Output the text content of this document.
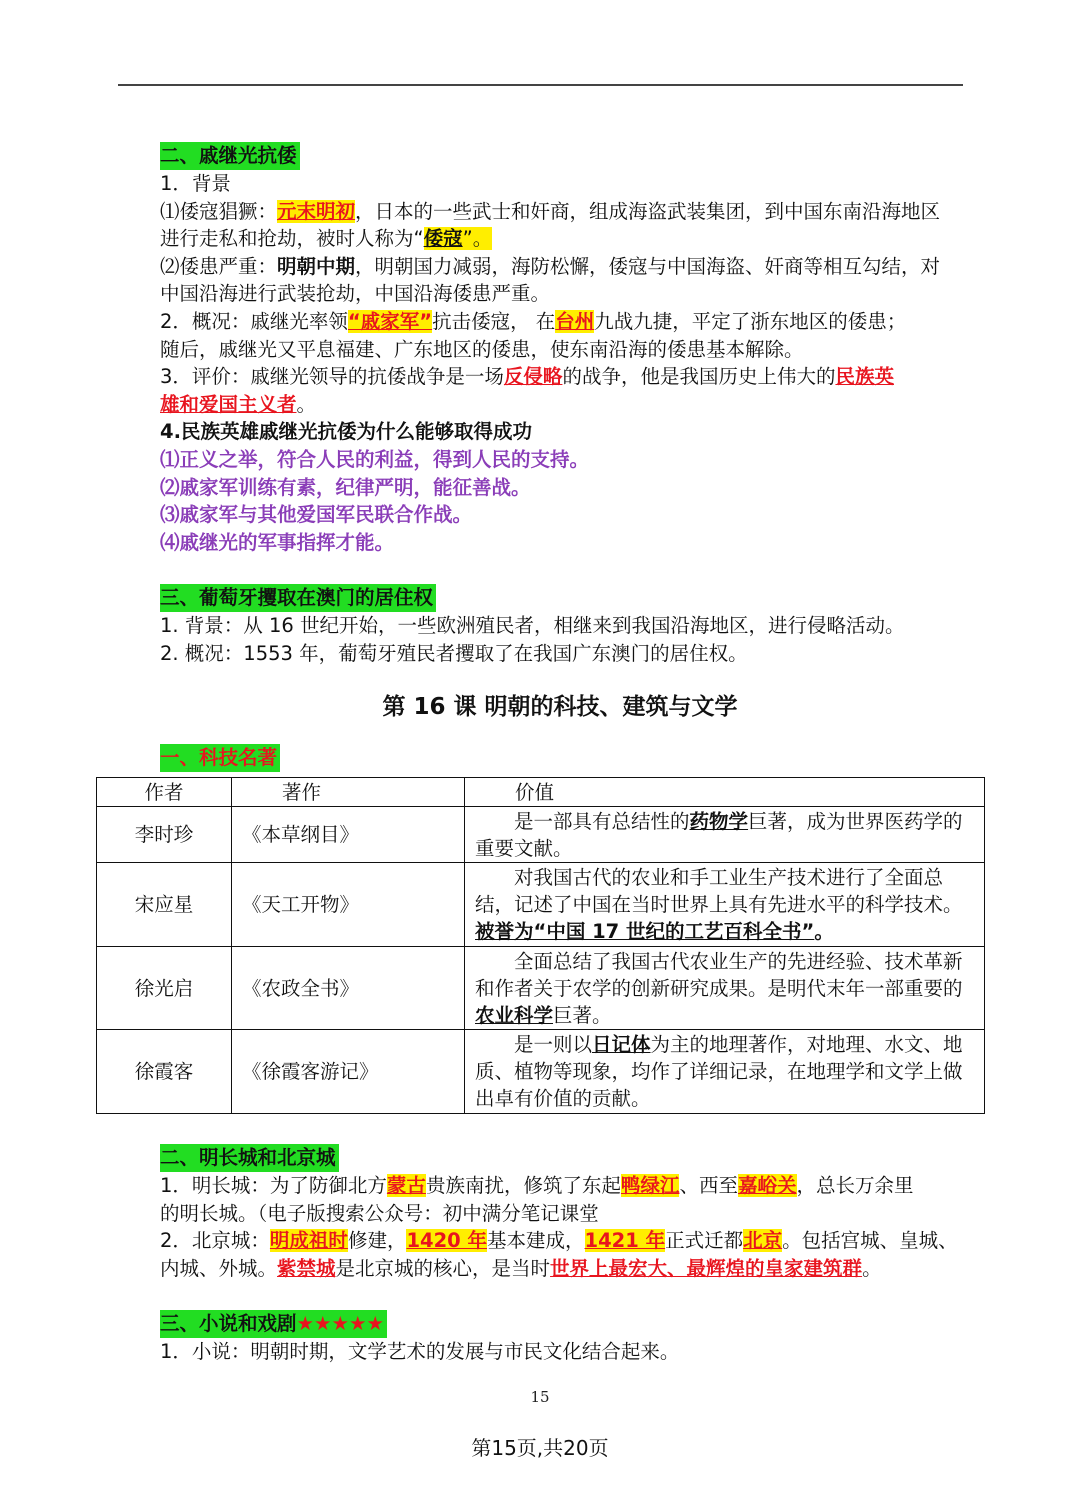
二、戚继光抗倭
1．背景
⑴倭寇猖獗：元末明初，日本的一些武士和奸商，组成海盗武装集团，到中国东南沿海地区
进行走私和抢劫，被时人称为“倭寇”。
⑵倭患严重：明朝中期，明朝国力减弱，海防松懈，倭寇与中国海盗、奸商等相互勾结，对
中国沿海进行武装抢劫，中国沿海倭患严重。
2．概况：戚继光率领“戚家军”抗击倭寇， 在台州九战九捷，平定了浙东地区的倭患；
随后，戚继光又平息福建、广东地区的倭患，使东南沿海的倭患基本解除。
3．评价：戚继光领导的抗倭战争是一场反侵略的战争，他是我国历史上伟大的民族英
雄和爱国主义者。
4.民族英雄戚继光抗倭为什么能够取得成功
⑴正义之举，符合人民的利益，得到人民的支持。
⑵戚家军训练有素，纪律严明，能征善战。
⑶戚家军与其他爱国军民联合作战。
⑷戚继光的军事指挥才能。
三、葡萄牙攫取在澳门的居住权
1. 背景：从 16 世纪开始，一些欧洲殖民者，相继来到我国沿海地区，进行侵略活动。
2. 概况：1553 年，葡萄牙殖民者攫取了在我国广东澳门的居住权。
第 16 课 明朝的科技、建筑与文学
一、科技名著
作者	著作	价值
李时珍	《本草纲目》	是一部具有总结性的药物学巨著，成为世界医药学的重要文献。
宋应星	《天工开物》	对我国古代的农业和手工业生产技术进行了全面总结，记述了中国在当时世界上具有先进水平的科学技术。被誉为“中国 17 世纪的工艺百科全书”。
徐光启	《农政全书》	全面总结了我国古代农业生产的先进经验、技术革新和作者关于农学的创新研究成果。是明代末年一部重要的农业科学巨著。
徐霞客	《徐霞客游记》	是一则以日记体为主的地理著作，对地理、水文、地质、植物等现象，均作了详细记录，在地理学和文学上做出卓有价值的贡献。
二、明长城和北京城
1．明长城：为了防御北方蒙古贵族南扰，修筑了东起鸭绿江、西至嘉峪关，总长万余里
的明长城。（电子版搜索公众号：初中满分笔记课堂
2．北京城：明成祖时修建，1420 年基本建成，1421 年正式迁都北京。包括宫城、皇城、
内城、外城。紫禁城是北京城的核心，是当时世界上最宏大、最辉煌的皇家建筑群。
三、小说和戏剧★★★★★
1．小说：明朝时期，文学艺术的发展与市民文化结合起来。
15
第15页,共20页
